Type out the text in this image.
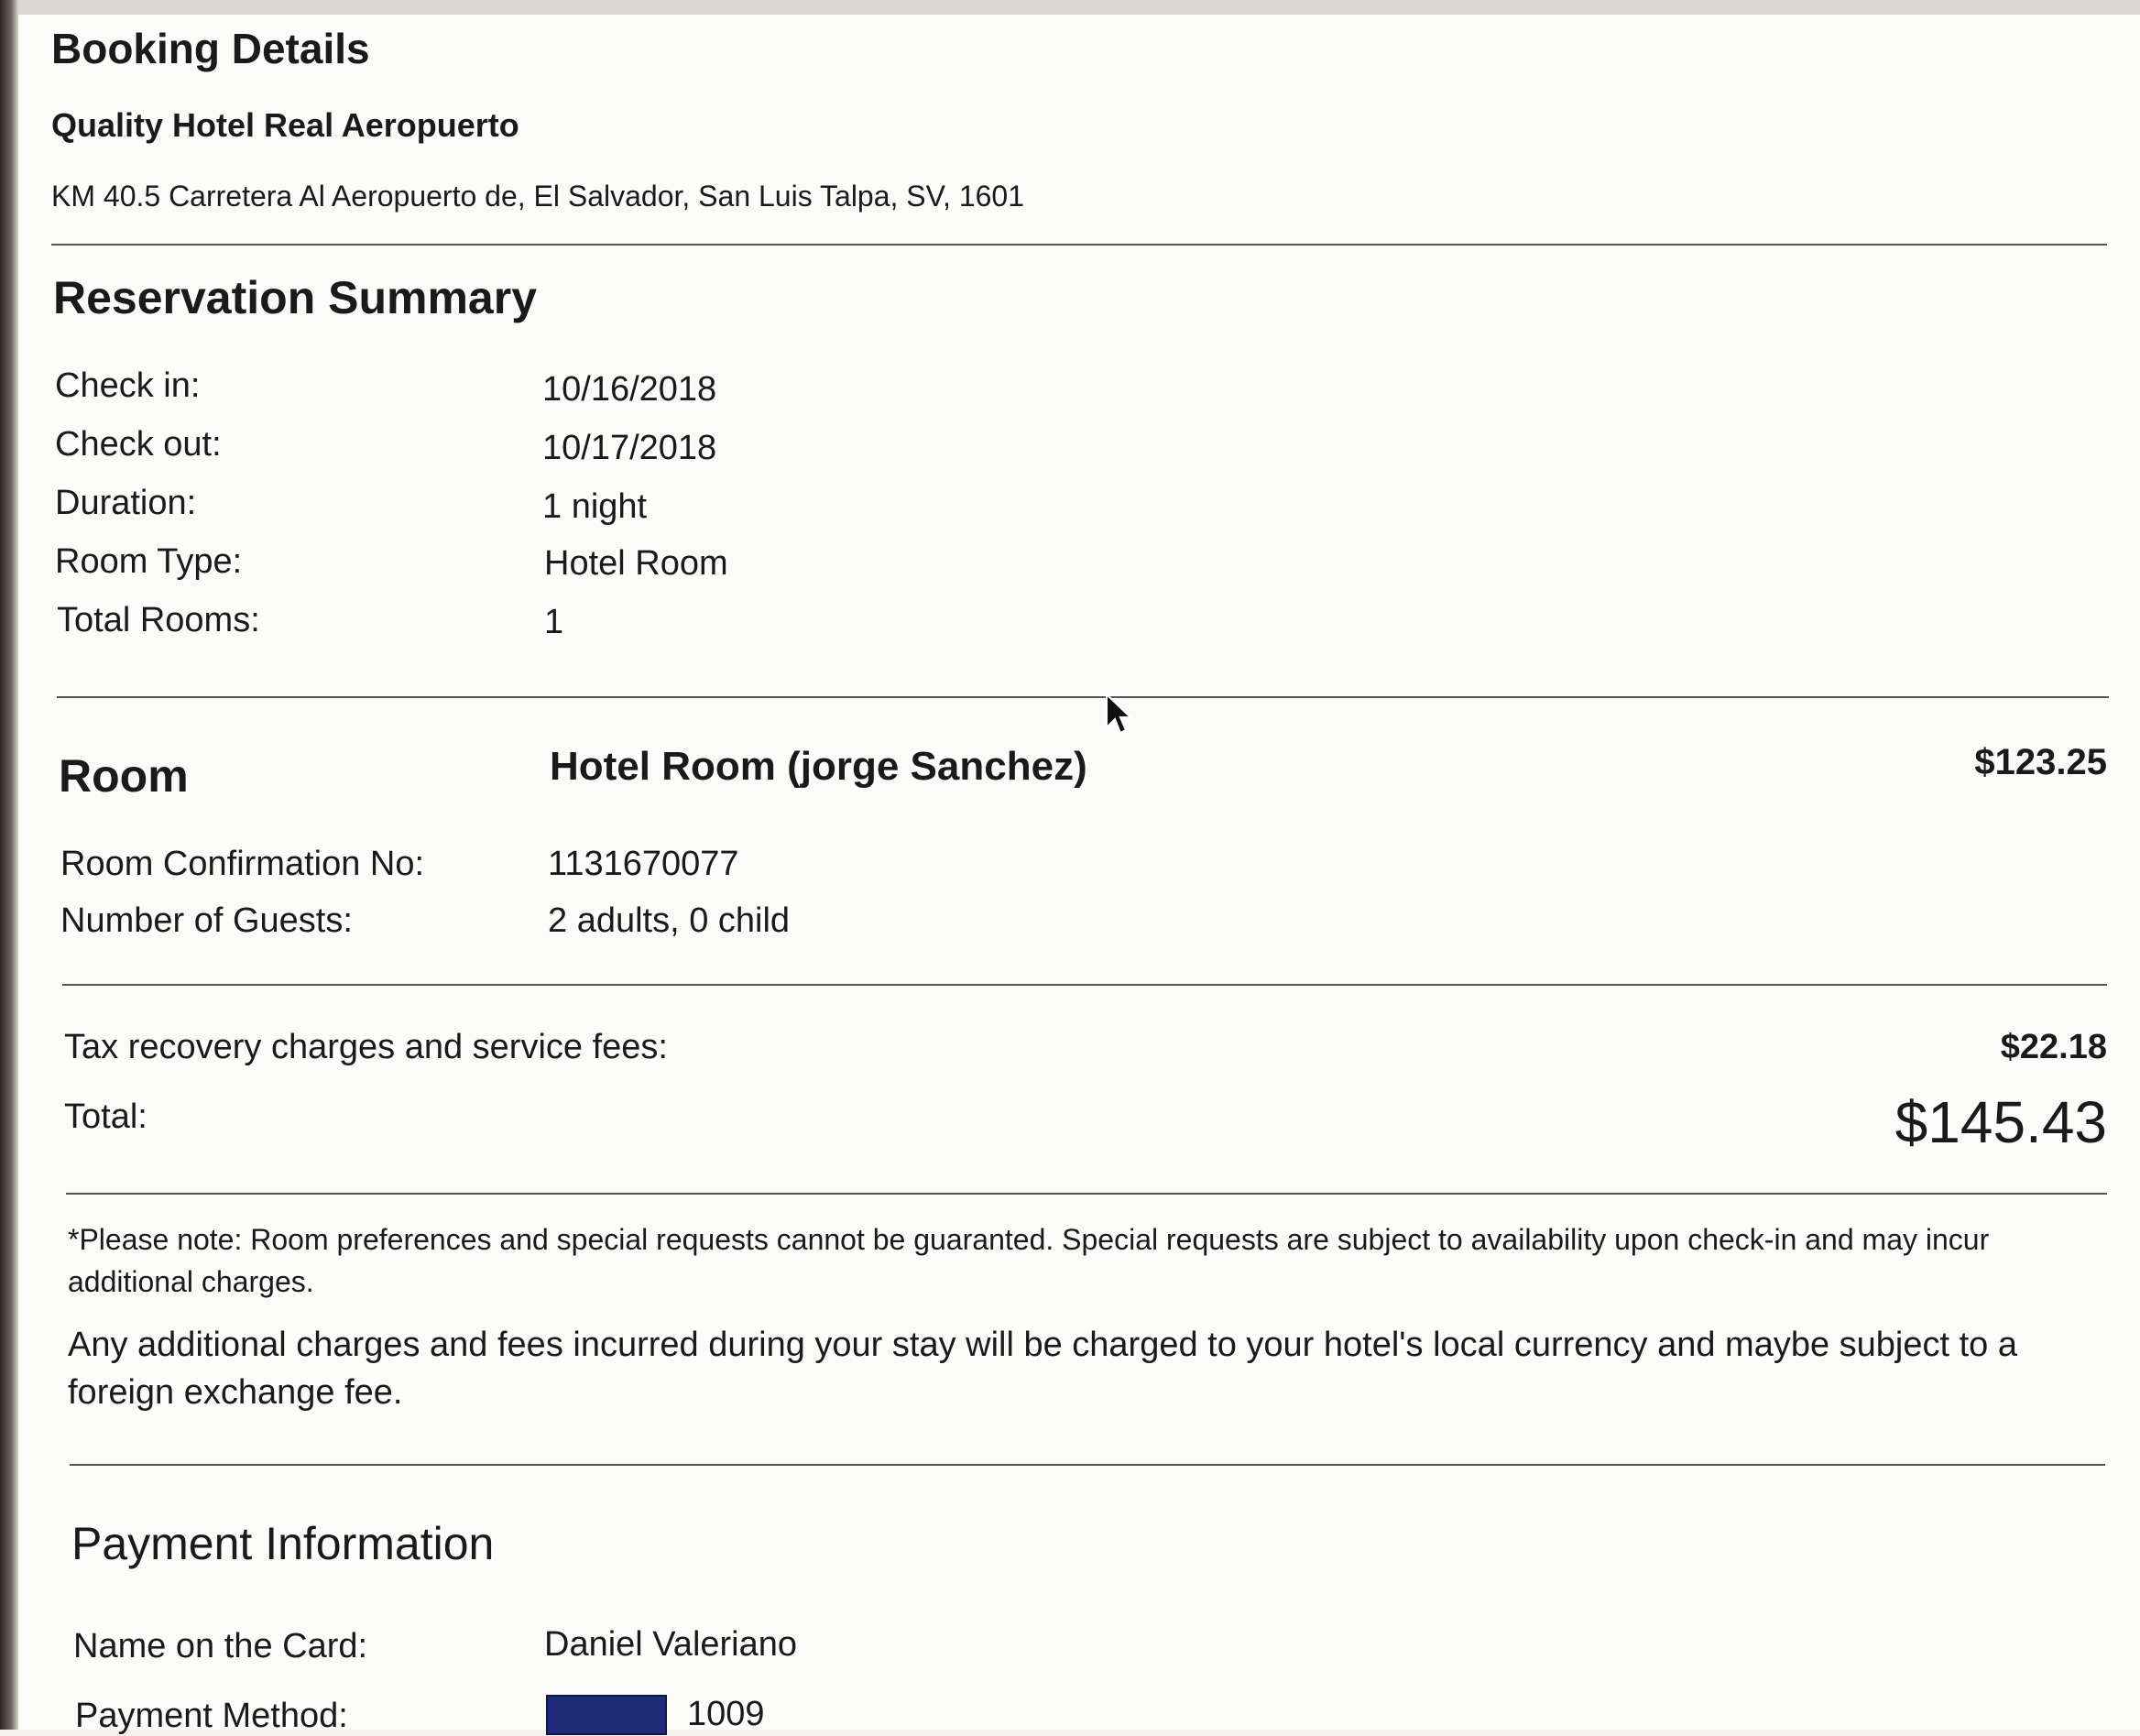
Booking Details
Quality Hotel Real Aeropuerto
KM 40.5 Carretera Al Aeropuerto de, El Salvador, San Luis Talpa, SV, 1601
Reservation Summary
Check in:	10/16/2018
Check out:	10/17/2018
Duration:	1 night
Room Type:	Hotel Room
Total Rooms:	1
Room	Hotel Room (jorge Sanchez)	$123.25
Room Confirmation No:	1131670077
Number of Guests:	2 adults, 0 child
Tax recovery charges and service fees:	$22.18
Total:	$145.43
*Please note: Room preferences and special requests cannot be guaranted. Special requests are subject to availability upon check-in and may incur additional charges.
Any additional charges and fees incurred during your stay will be charged to your hotel's local currency and maybe subject to a foreign exchange fee.
Payment Information
Name on the Card:	Daniel Valeriano
Payment Method:	1009
